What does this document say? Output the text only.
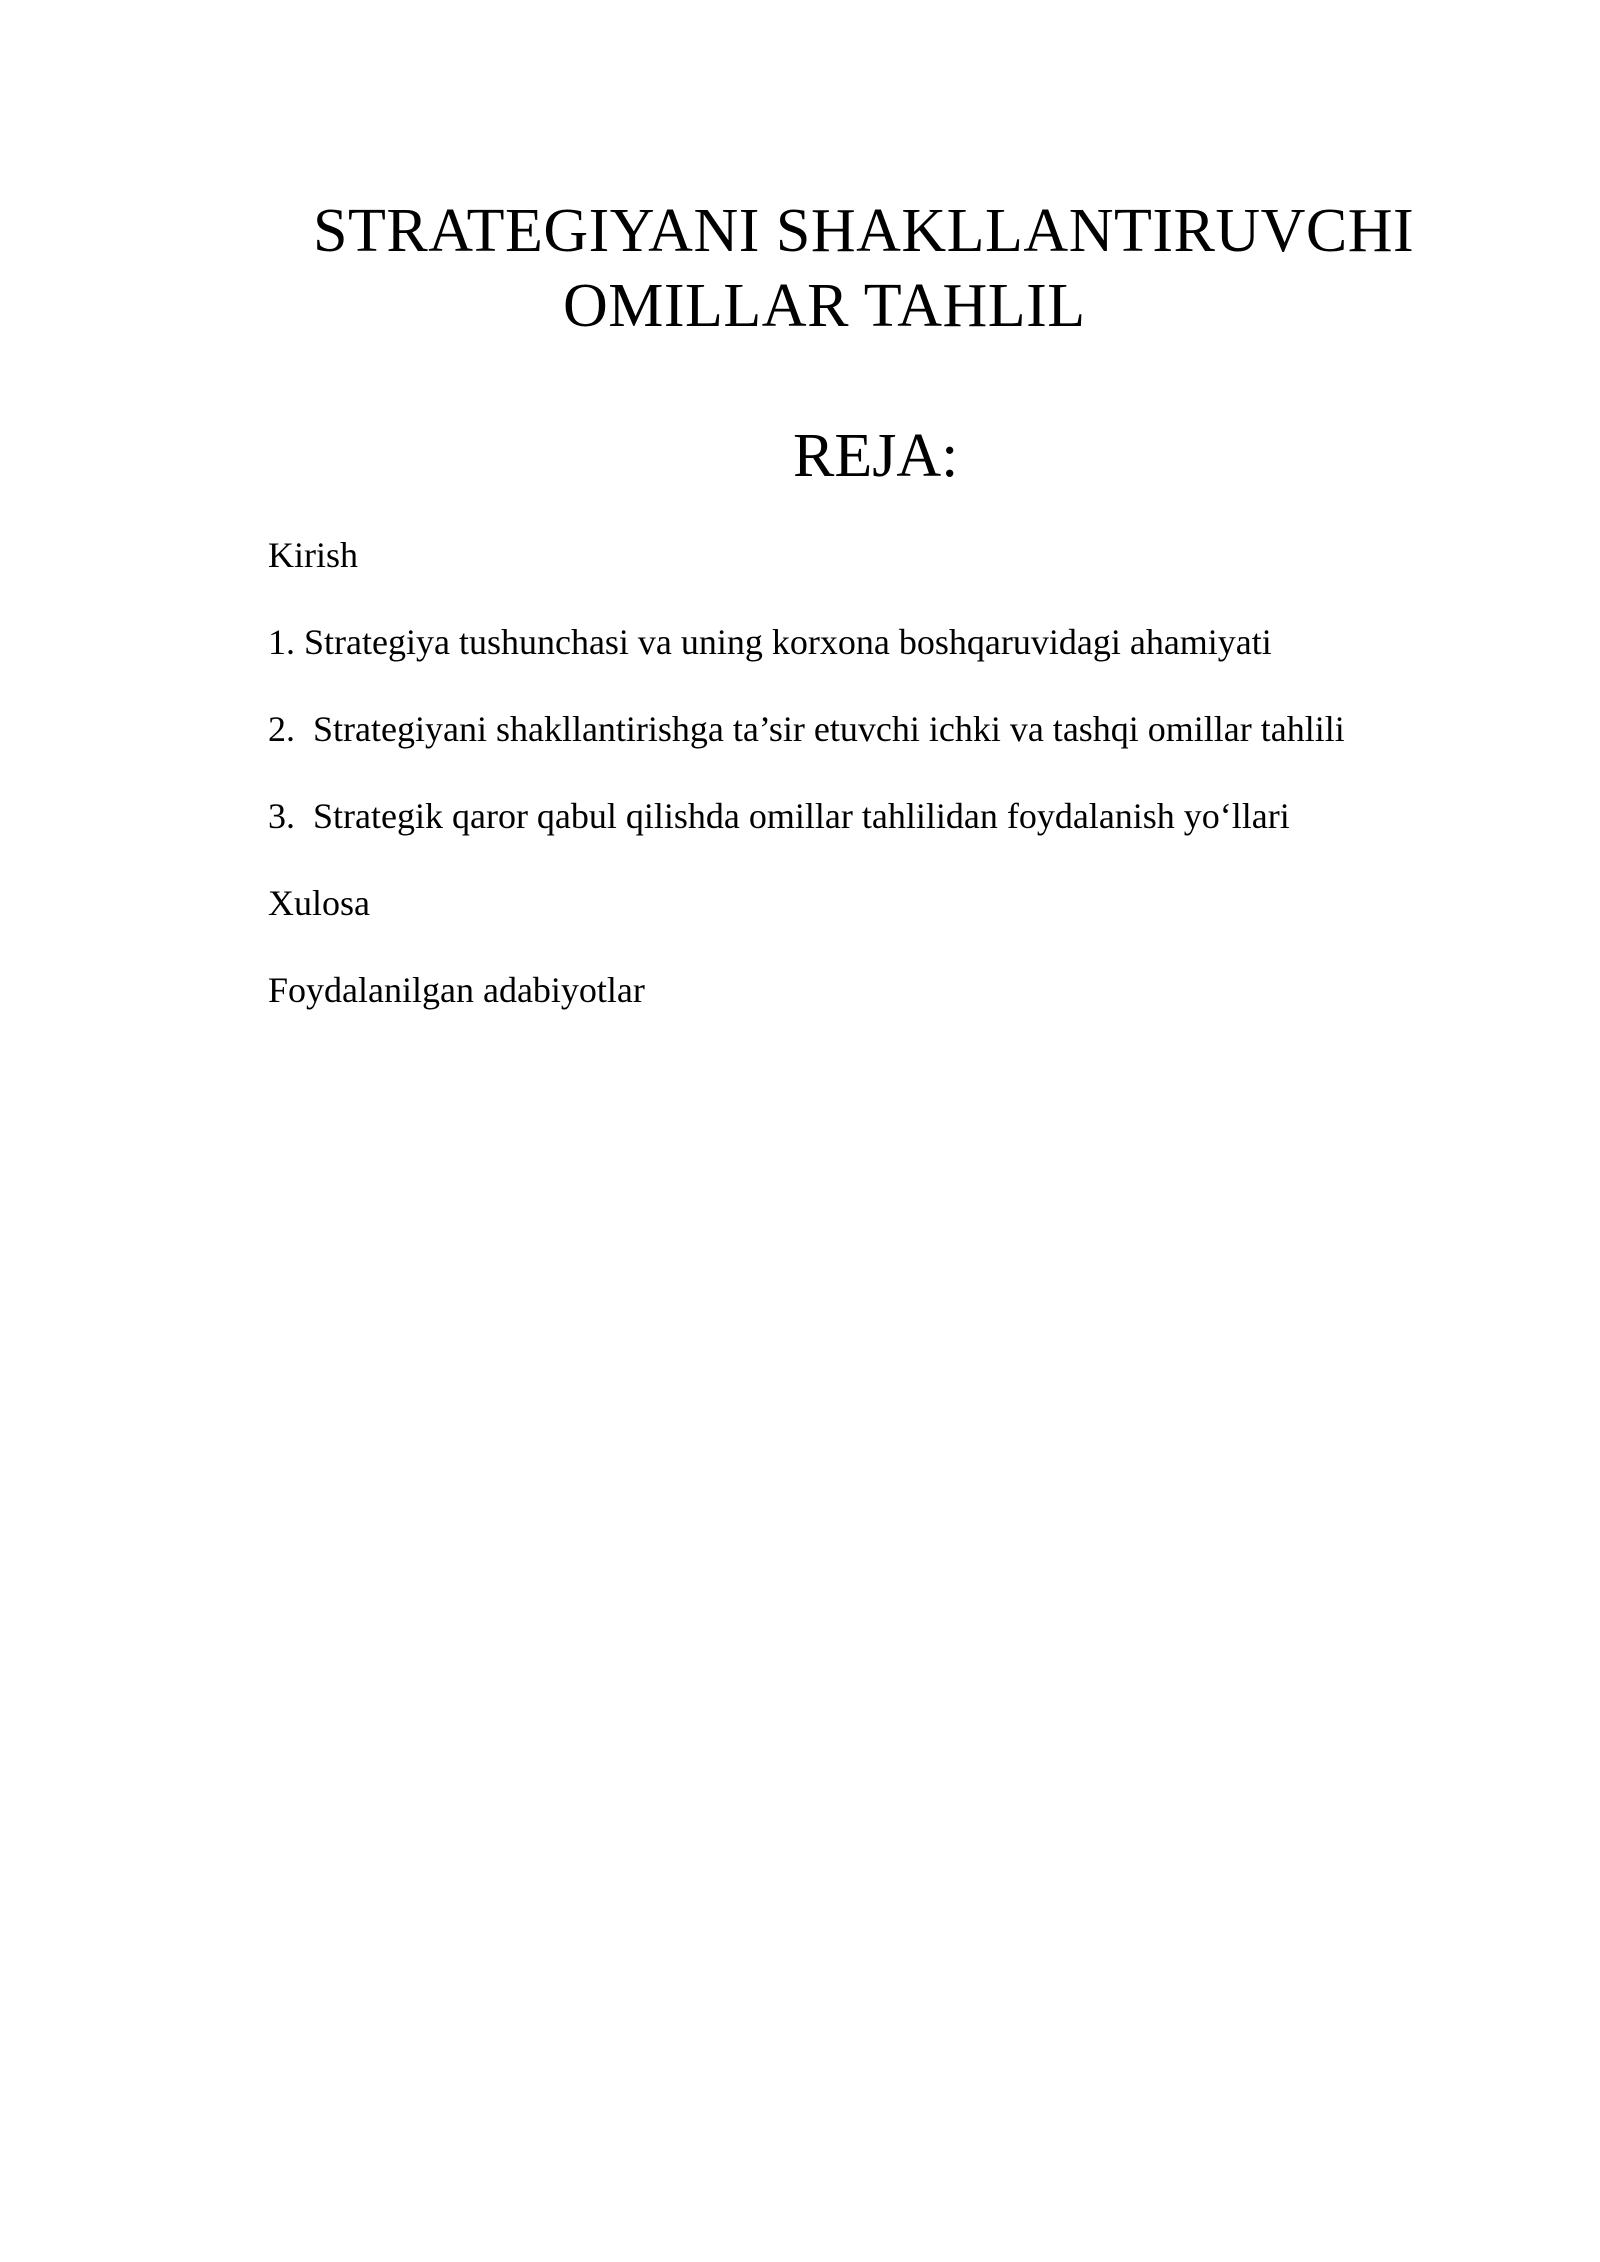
STRATEGIYANI SHAKLLANTIRUVCHI
OMILLAR TAHLIL
REJA:
Kirish
1. Strategiya tushunchasi va uning korxona boshqaruvidagi ahamiyati
2.  Strategiyani shakllantirishga ta’sir etuvchi ichki va tashqi omillar tahlili
3.  Strategik qaror qabul qilishda omillar tahlilidan foydalanish yo‘llari
Xulosa
Foydalanilgan adabiyotlar
